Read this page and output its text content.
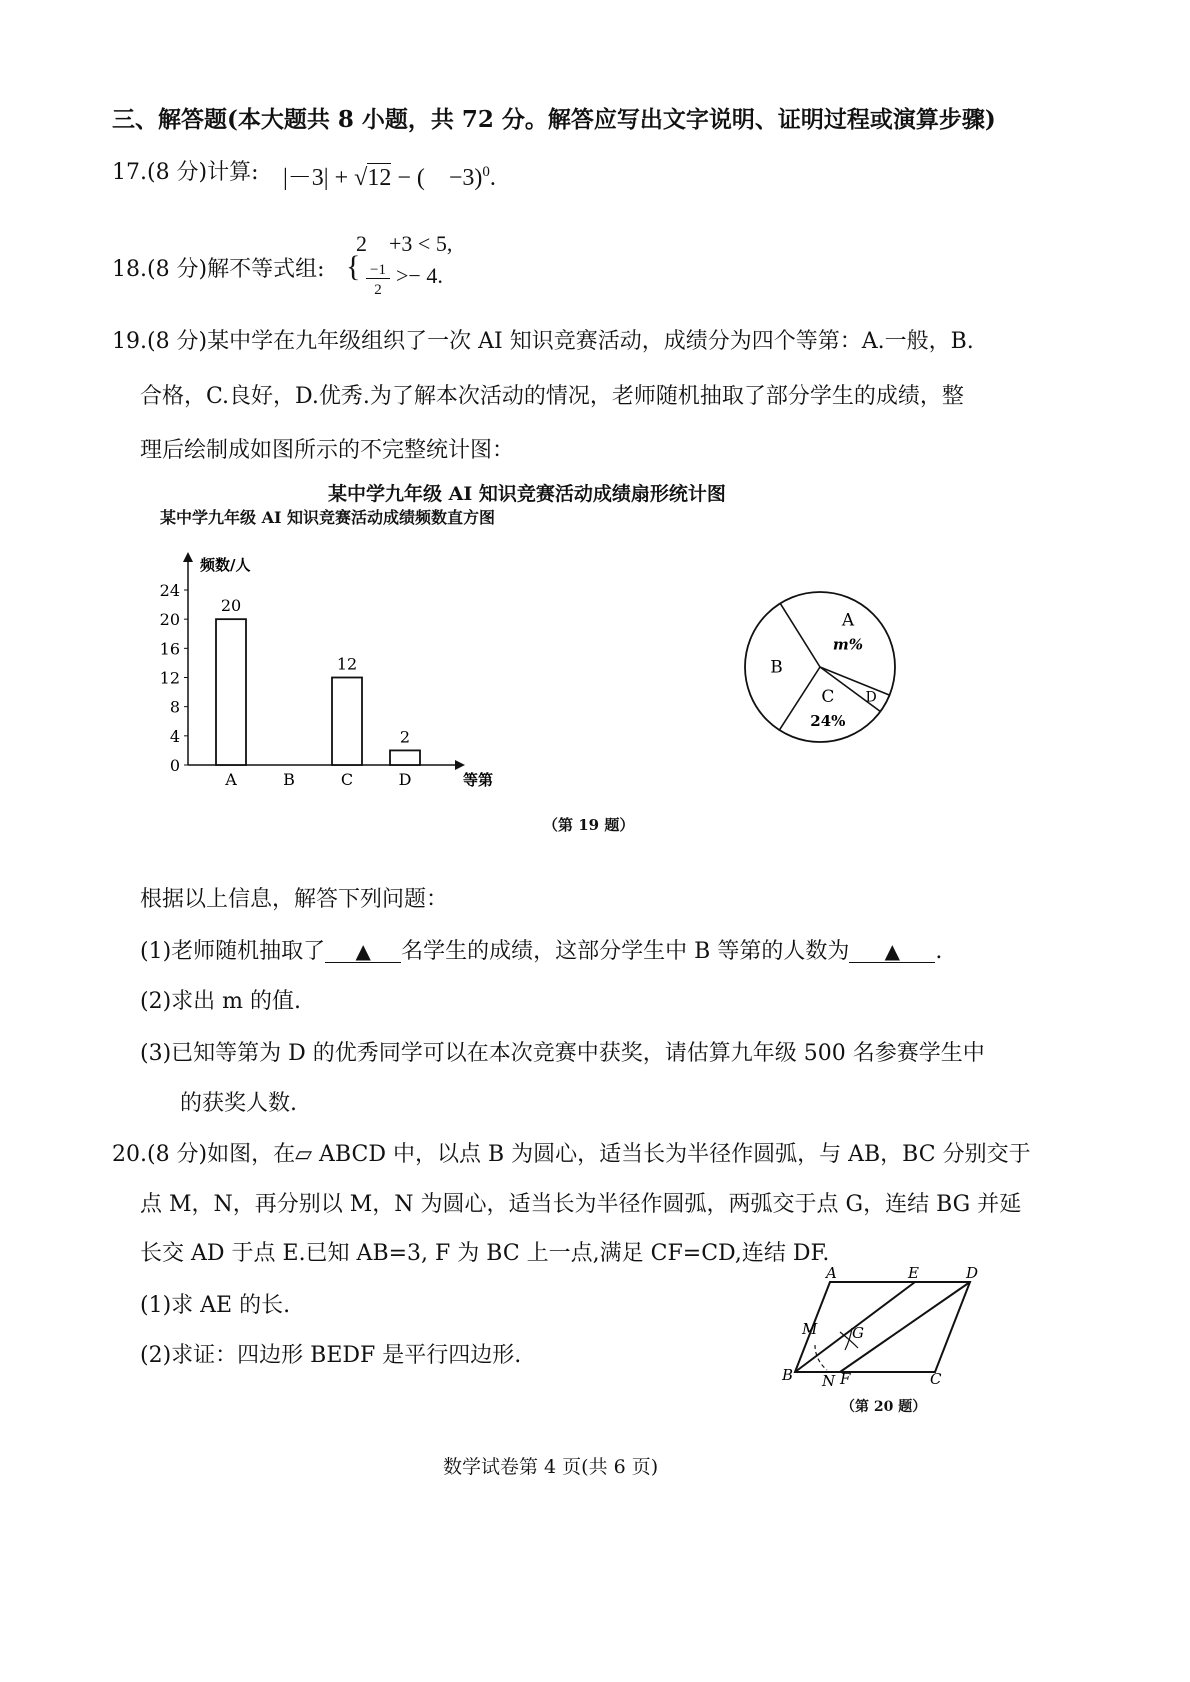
三、解答题(本大题共 8 小题，共 72 分。解答应写出文字说明、证明过程或演算步骤)
17.(8 分)计算: |－3| + √12 − (　−3)$^0$.
18.(8 分)解不等式组: {
2　+3 < 5,
−1
2
>− 4.
19.(8 分)某中学在九年级组织了一次 AI 知识竞赛活动，成绩分为四个等第：A.一般，B.
合格，C.良好，D.优秀.为了解本次活动的情况，老师随机抽取了部分学生的成绩，整
理后绘制成如图所示的不完整统计图：
某中学九年级 AI 知识竞赛活动成绩扇形统计图
某中学九年级 AI 知识竞赛活动成绩频数直方图
频数/人
等第
0
4
8
12
16
20
24
A
20
B	C
12
D
2
A
m%
D
C
24%
B
（第 19 题）
根据以上信息，解答下列问题：
(1)老师随机抽取了 ▲ 名学生的成绩，这部分学生中 B 等第的人数为 ▲ .
(2)求出 m 的值.
(3)已知等第为 D 的优秀同学可以在本次竞赛中获奖，请估算九年级 500 名参赛学生中
的获奖人数.
20.(8 分)如图，在▱ ABCD 中，以点 B 为圆心，适当长为半径作圆弧，与 AB，BC 分别交于
点 M，N，再分别以 M，N 为圆心，适当长为半径作圆弧，两弧交于点 G，连结 BG 并延
长交 AD 于点 E.已知 AB=3, F 为 BC 上一点,满足 CF=CD,连结 DF.
(1)求 AE 的长.
(2)求证：四边形 BEDF 是平行四边形.
A	E	D
M G
B N F	C
（第 20 题）
数学试卷第 4 页(共 6 页)
